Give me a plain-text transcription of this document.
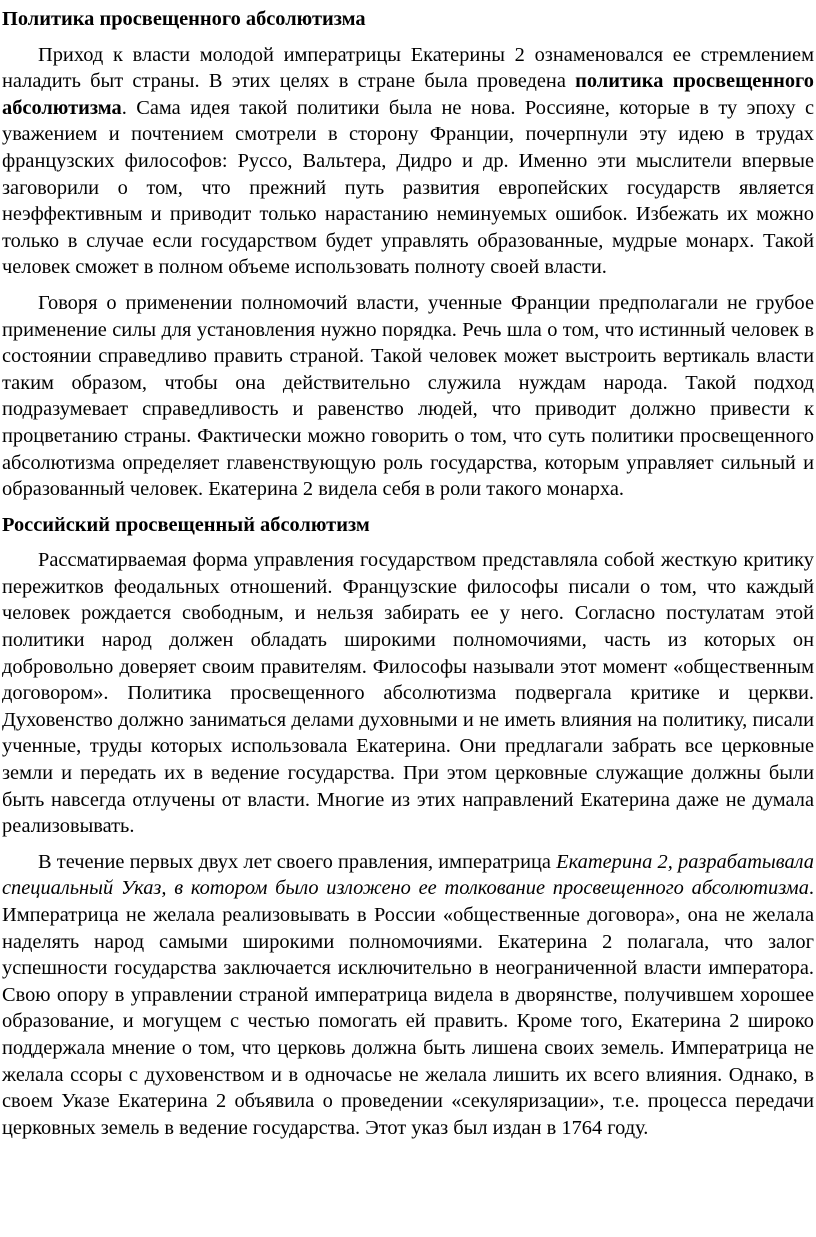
Политика просвещенного абсолютизма

Приход к власти молодой императрицы Екатерины 2 ознаменовался ее стремлением наладить быт страны. В этих целях в стране была проведена политика просвещенного абсолютизма. Сама идея такой политики была не нова. Россияне, которые в ту эпоху с уважением и почтением смотрели в сторону Франции, почерпнули эту идею в трудах французских философов: Руссо, Вальтера, Дидро и др. Именно эти мыслители впервые заговорили о том, что прежний путь развития европейских государств является неэффективным и приводит только нарастанию неминуемых ошибок. Избежать их можно только в случае если государством будет управлять образованные, мудрые монарх. Такой человек сможет в полном объеме использовать полноту своей власти.

Говоря о применении полномочий власти, ученные Франции предполагали не грубое применение силы для установления нужно порядка. Речь шла о том, что истинный человек в состоянии справедливо править страной. Такой человек может выстроить вертикаль власти таким образом, чтобы она действительно служила нуждам народа. Такой подход подразумевает справедливость и равенство людей, что приводит должно привести к процветанию страны. Фактически можно говорить о том, что суть политики просвещенного абсолютизма определяет главенствующую роль государства, которым управляет сильный и образованный человек. Екатерина 2 видела себя в роли такого монарха.

Российский просвещенный абсолютизм

Рассматирваемая форма управления государством представляла собой жесткую критику пережитков феодальных отношений. Французские философы писали о том, что каждый человек рождается свободным, и нельзя забирать ее у него. Согласно постулатам этой политики народ должен обладать широкими полномочиями, часть из которых он добровольно доверяет своим правителям. Философы называли этот момент «общественным договором». Политика просвещенного абсолютизма подвергала критике и церкви. Духовенство должно заниматься делами духовными и не иметь влияния на политику, писали ученные, труды которых использовала Екатерина. Они предлагали забрать все церковные земли и передать их в ведение государства. При этом церковные служащие должны были быть навсегда отлучены от власти. Многие из этих направлений Екатерина даже не думала реализовывать.

В течение первых двух лет своего правления, императрица Екатерина 2, разрабатывала специальный Указ, в котором было изложено ее толкование просвещенного абсолютизма. Императрица не желала реализовывать в России «общественные договора», она не желала наделять народ самыми широкими полномочиями. Екатерина 2 полагала, что залог успешности государства заключается исключительно в неограниченной власти императора. Свою опору в управлении страной императрица видела в дворянстве, получившем хорошее образование, и могущем с честью помогать ей править. Кроме того, Екатерина 2 широко поддержала мнение о том, что церковь должна быть лишена своих земель. Императрица не желала ссоры с духовенством и в одночасье не желала лишить их всего влияния. Однако, в своем Указе Екатерина 2 объявила о проведении «секуляризации», т.е. процесса передачи церковных земель в ведение государства. Этот указ был издан в 1764 году.
